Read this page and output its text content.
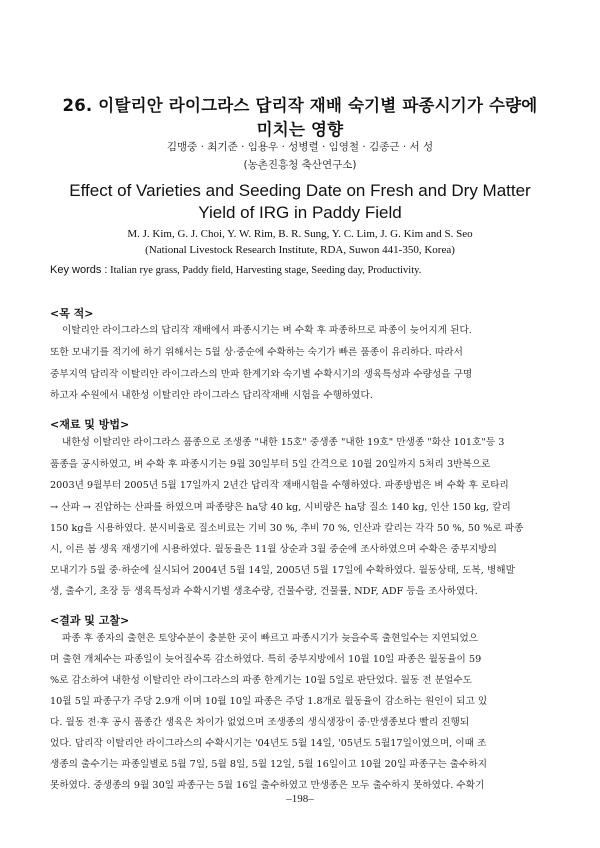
26. 이탈리안 라이그라스 답리작 재배 숙기별 파종시기가 수량에
미치는 영향
김맹중 · 최기준 · 임용우 · 성병렬 · 임영철 · 김종근 · 서 성
(농촌진흥청 축산연구소)
Effect of Varieties and Seeding Date on Fresh and Dry Matter
Yield of IRG in Paddy Field
M. J. Kim, G. J. Choi, Y. W. Rim, B. R. Sung, Y. C. Lim, J. G. Kim and S. Seo
(National Livestock Research Institute, RDA, Suwon 441-350, Korea)
Key words : Italian rye grass, Paddy field, Harvesting stage, Seeding day, Productivity.
<목 적>
이탈리안 라이그라스의 답리작 재배에서 파종시기는 벼 수확 후 파종하므로 파종이 늦어지게 된다.
또한 모내기를 적기에 하기 위해서는 5월 상·중순에 수확하는 숙기가 빠른 품종이 유리하다. 따라서
중부지역 답리작 이탈리안 라이그라스의 만파 한계기와 숙기별 수확시기의 생육특성과 수량성을 구명
하고자 수원에서 내한성 이탈리안 라이그라스 답리작재배 시험을 수행하였다.
<재료 및 방법>
내한성 이탈리안 라이그라스 품종으로 조생종 "내한 15호" 중생종 "내한 19호" 만생종 "화산 101호"등 3
품종을 공시하였고, 벼 수확 후 파종시기는 9월 30일부터 5일 간격으로 10월 20일까지 5처리 3반복으로
2003년 9월부터 2005년 5월 17일까지 2년간 답리작 재배시험을 수행하였다. 파종방법은 벼 수확 후 로타리
→ 산파 → 진압하는 산파를 하였으며 파종량은 ha당 40 kg, 시비량은 ha당 질소 140 kg, 인산 150 kg, 칼리
150 kg을 시용하였다. 분시비율로 질소비료는 기비 30 %, 추비 70 %, 인산과 칼리는 각각 50 %, 50 %로 파종
시, 이른 봄 생육 재생기에 시용하였다. 월동율은 11월 상순과 3월 중순에 조사하였으며 수확은 중부지방의
모내기가 5월 중·하순에 실시되어 2004년 5월 14일, 2005년 5월 17일에 수확하였다. 월동상태, 도복, 병해발
생, 출수기, 초장 등 생육특성과 수확시기별 생초수량, 건물수량, 건물률, NDF, ADF 등을 조사하였다.
<결과 및 고찰>
파종 후 종자의 출현은 토양수분이 충분한 곳이 빠르고 파종시기가 늦을수록 출현일수는 지연되었으
며 출현 개체수는 파종일이 늦어질수록 감소하였다. 특히 중부지방에서 10월 10일 파종은 월동율이 59
%로 감소하여 내한성 이탈리안 라이그라스의 파종 한계기는 10월 5일로 판단었다. 월동 전 분얼수도
10월 5일 파종구가 주당 2.9개 이며 10월 10일 파종은 주당 1.8개로 월동율이 감소하는 원인이 되고 있
다. 월동 전·후 공시 품종간 생육은 차이가 없었으며 조생종의 생식생장이 중·만생종보다 빨리 진행되
었다. 답리작 이탈리안 라이그라스의 수확시기는 '04년도 5월 14일, '05년도 5월17일이였으며, 이때 조
생종의 출수기는 파종일별로 5월 7일, 5월 8일, 5월 12일, 5월 16일이고 10월 20일 파종구는 출수하지
못하였다. 중생종의 9월 30일 파종구는 5월 16일 출수하였고 만생종은 모두 출수하지 못하였다. 수확기
–198–
